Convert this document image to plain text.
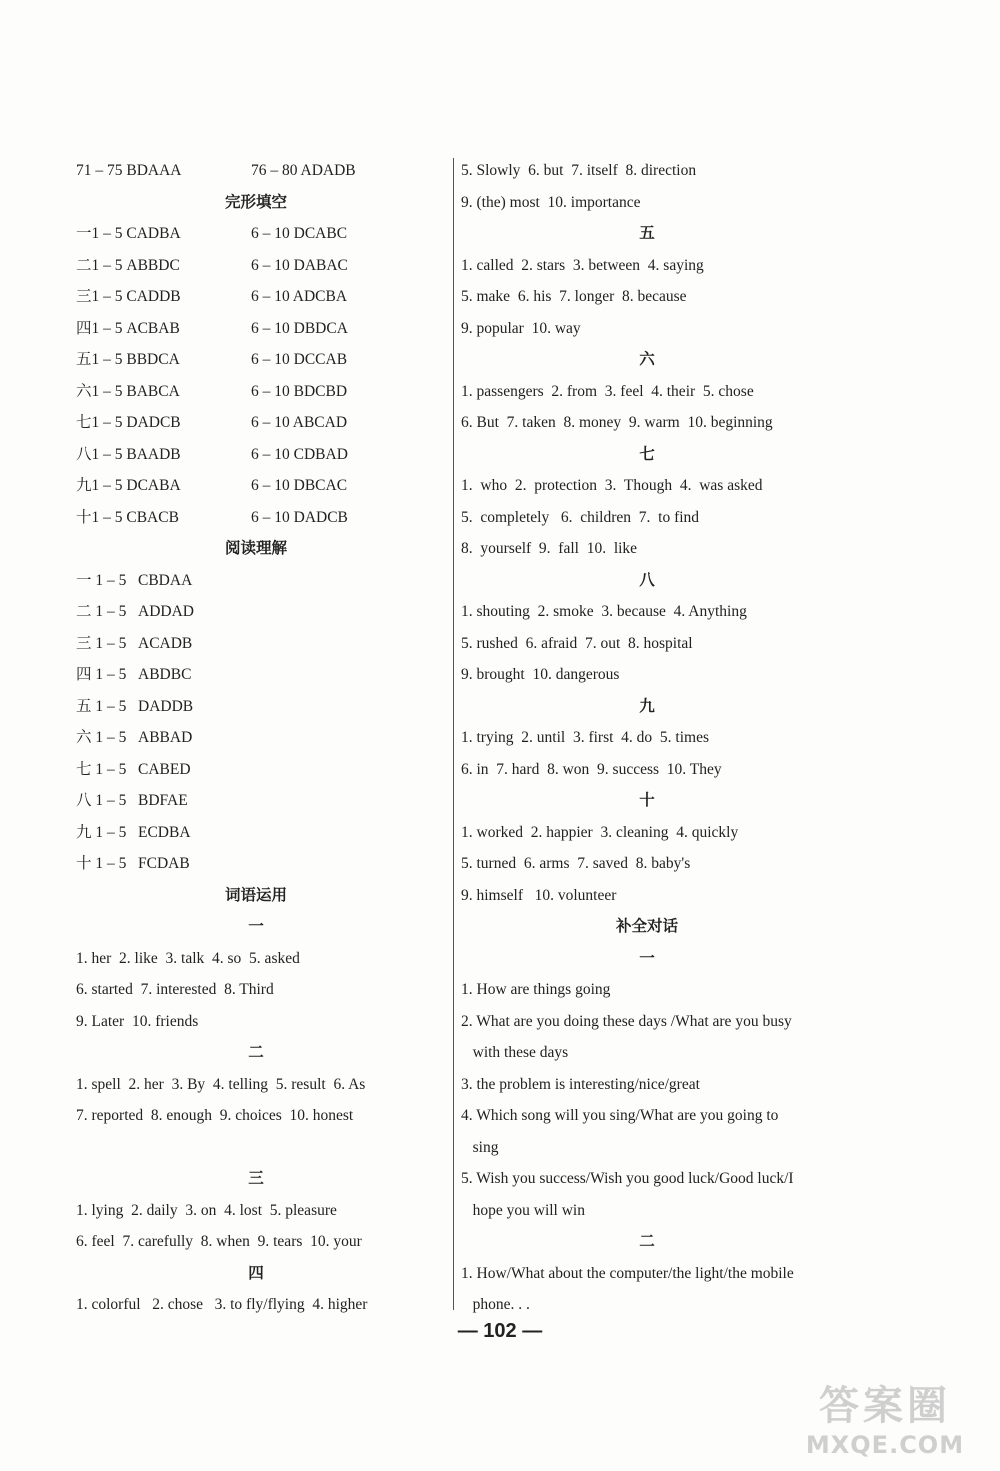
71 – 75 BDAAA	76 – 80 ADADB
完形填空
一1 – 5 CADBA	6 – 10 DCABC
二1 – 5 ABBDC	6 – 10 DABAC
三1 – 5 CADDB	6 – 10 ADCBA
四1 – 5 ACBAB	6 – 10 DBDCA
五1 – 5 BBDCA	6 – 10 DCCAB
六1 – 5 BABCA	6 – 10 BDCBD
七1 – 5 DADCB	6 – 10 ABCAD
八1 – 5 BAADB	6 – 10 CDBAD
九1 – 5 DCABA	6 – 10 DBCAC
十1 – 5 CBACB	6 – 10 DADCB
阅读理解
一 1 – 5   CBDAA
二 1 – 5   ADDAD
三 1 – 5   ACADB
四 1 – 5   ABDBC
五 1 – 5   DADDB
六 1 – 5   ABBAD
七 1 – 5   CABED
八 1 – 5   BDFAE
九 1 – 5   ECDBA
十 1 – 5   FCDAB
词语运用
一
1. her  2. like  3. talk  4. so  5. asked
6. started  7. interested  8. Third
9. Later  10. friends
二
1. spell  2. her  3. By  4. telling  5. result  6. As
7. reported  8. enough  9. choices  10. honest
三
1. lying  2. daily  3. on  4. lost  5. pleasure
6. feel  7. carefully  8. when  9. tears  10. your
四
1. colorful   2. chose   3. to fly/flying  4. higher
5. Slowly  6. but  7. itself  8. direction
9. (the) most  10. importance
五
1. called  2. stars  3. between  4. saying
5. make  6. his  7. longer  8. because
9. popular  10. way
六
1. passengers  2. from  3. feel  4. their  5. chose
6. But  7. taken  8. money  9. warm  10. beginning
七
1.  who  2.  protection  3.  Though  4.  was asked
5.  completely   6.  children  7.  to find
8.  yourself  9.  fall  10.  like
八
1. shouting  2. smoke  3. because  4. Anything
5. rushed  6. afraid  7. out  8. hospital
9. brought  10. dangerous
九
1. trying  2. until  3. first  4. do  5. times
6. in  7. hard  8. won  9. success  10. They
十
1. worked  2. happier  3. cleaning  4. quickly
5. turned  6. arms  7. saved  8. baby's
9. himself   10. volunteer
补全对话
一
1. How are things going
2. What are you doing these days /What are you busy
with these days
3. the problem is interesting/nice/great
4. Which song will you sing/What are you going to
sing
5. Wish you success/Wish you good luck/Good luck/I
hope you will win
二
1. How/What about the computer/the light/the mobile
phone. . .
— 102 —
答案圈
MXQE.COM
